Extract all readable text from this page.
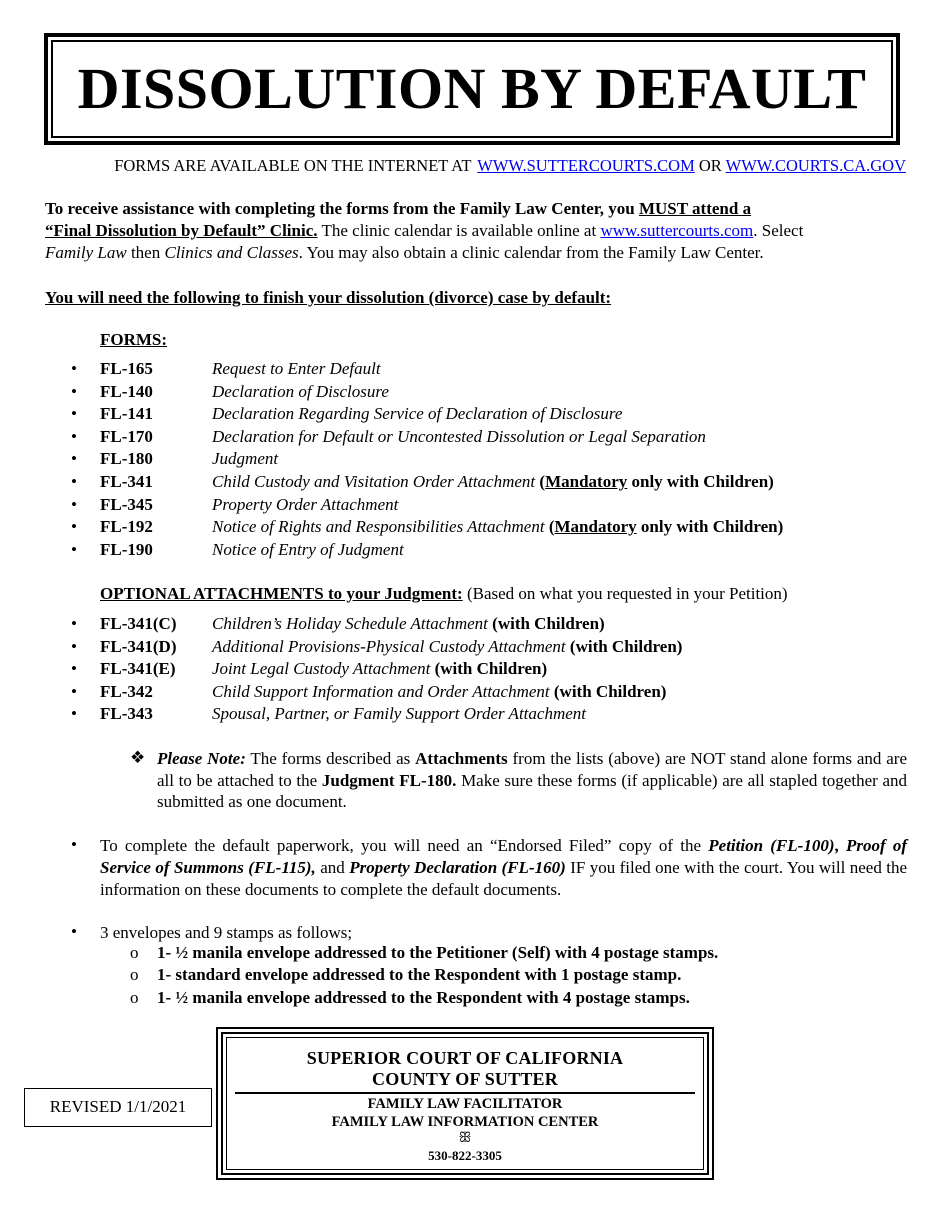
DISSOLUTION BY DEFAULT
FORMS ARE AVAILABLE ON THE INTERNET AT WWW.SUTTERCOURTS.COM OR WWW.COURTS.CA.GOV
To receive assistance with completing the forms from the Family Law Center, you MUST attend a
“Final Dissolution by Default” Clinic. The clinic calendar is available online at www.suttercourts.com. Select
Family Law then Clinics and Classes. You may also obtain a clinic calendar from the Family Law Center.
You will need the following to finish your dissolution (divorce) case by default:
FORMS:
• FL-165	Request to Enter Default
• FL-140	Declaration of Disclosure
• FL-141	Declaration Regarding Service of Declaration of Disclosure
• FL-170	Declaration for Default or Uncontested Dissolution or Legal Separation
• FL-180	Judgment
• FL-341	Child Custody and Visitation Order Attachment (Mandatory only with Children)
• FL-345	Property Order Attachment
• FL-192	Notice of Rights and Responsibilities Attachment (Mandatory only with Children)
• FL-190	Notice of Entry of Judgment
OPTIONAL ATTACHMENTS to your Judgment: (Based on what you requested in your Petition)
• FL-341(C) Children’s Holiday Schedule Attachment (with Children)
• FL-341(D) Additional Provisions-Physical Custody Attachment (with Children)
• FL-341(E) Joint Legal Custody Attachment (with Children)
• FL-342	Child Support Information and Order Attachment (with Children)
• FL-343	Spousal, Partner, or Family Support Order Attachment
❖ Please Note: The forms described as Attachments from the lists (above) are NOT stand alone forms and are all to be attached to the Judgment FL-180. Make sure these forms (if applicable) are all stapled together and submitted as one document.
• To complete the default paperwork, you will need an “Endorsed Filed” copy of the Petition (FL-100), Proof of Service of Summons (FL-115), and Property Declaration (FL-160) IF you filed one with the court. You will need the information on these documents to complete the default documents.
• 3 envelopes and 9 stamps as follows;
o 1- ½ manila envelope addressed to the Petitioner (Self) with 4 postage stamps.
o 1- standard envelope addressed to the Respondent with 1 postage stamp.
o 1- ½ manila envelope addressed to the Respondent with 4 postage stamps.
REVISED 1/1/2021
SUPERIOR COURT OF CALIFORNIA
COUNTY OF SUTTER
FAMILY LAW FACILITATOR
FAMILY LAW INFORMATION CENTER
ꕥ
530-822-3305
